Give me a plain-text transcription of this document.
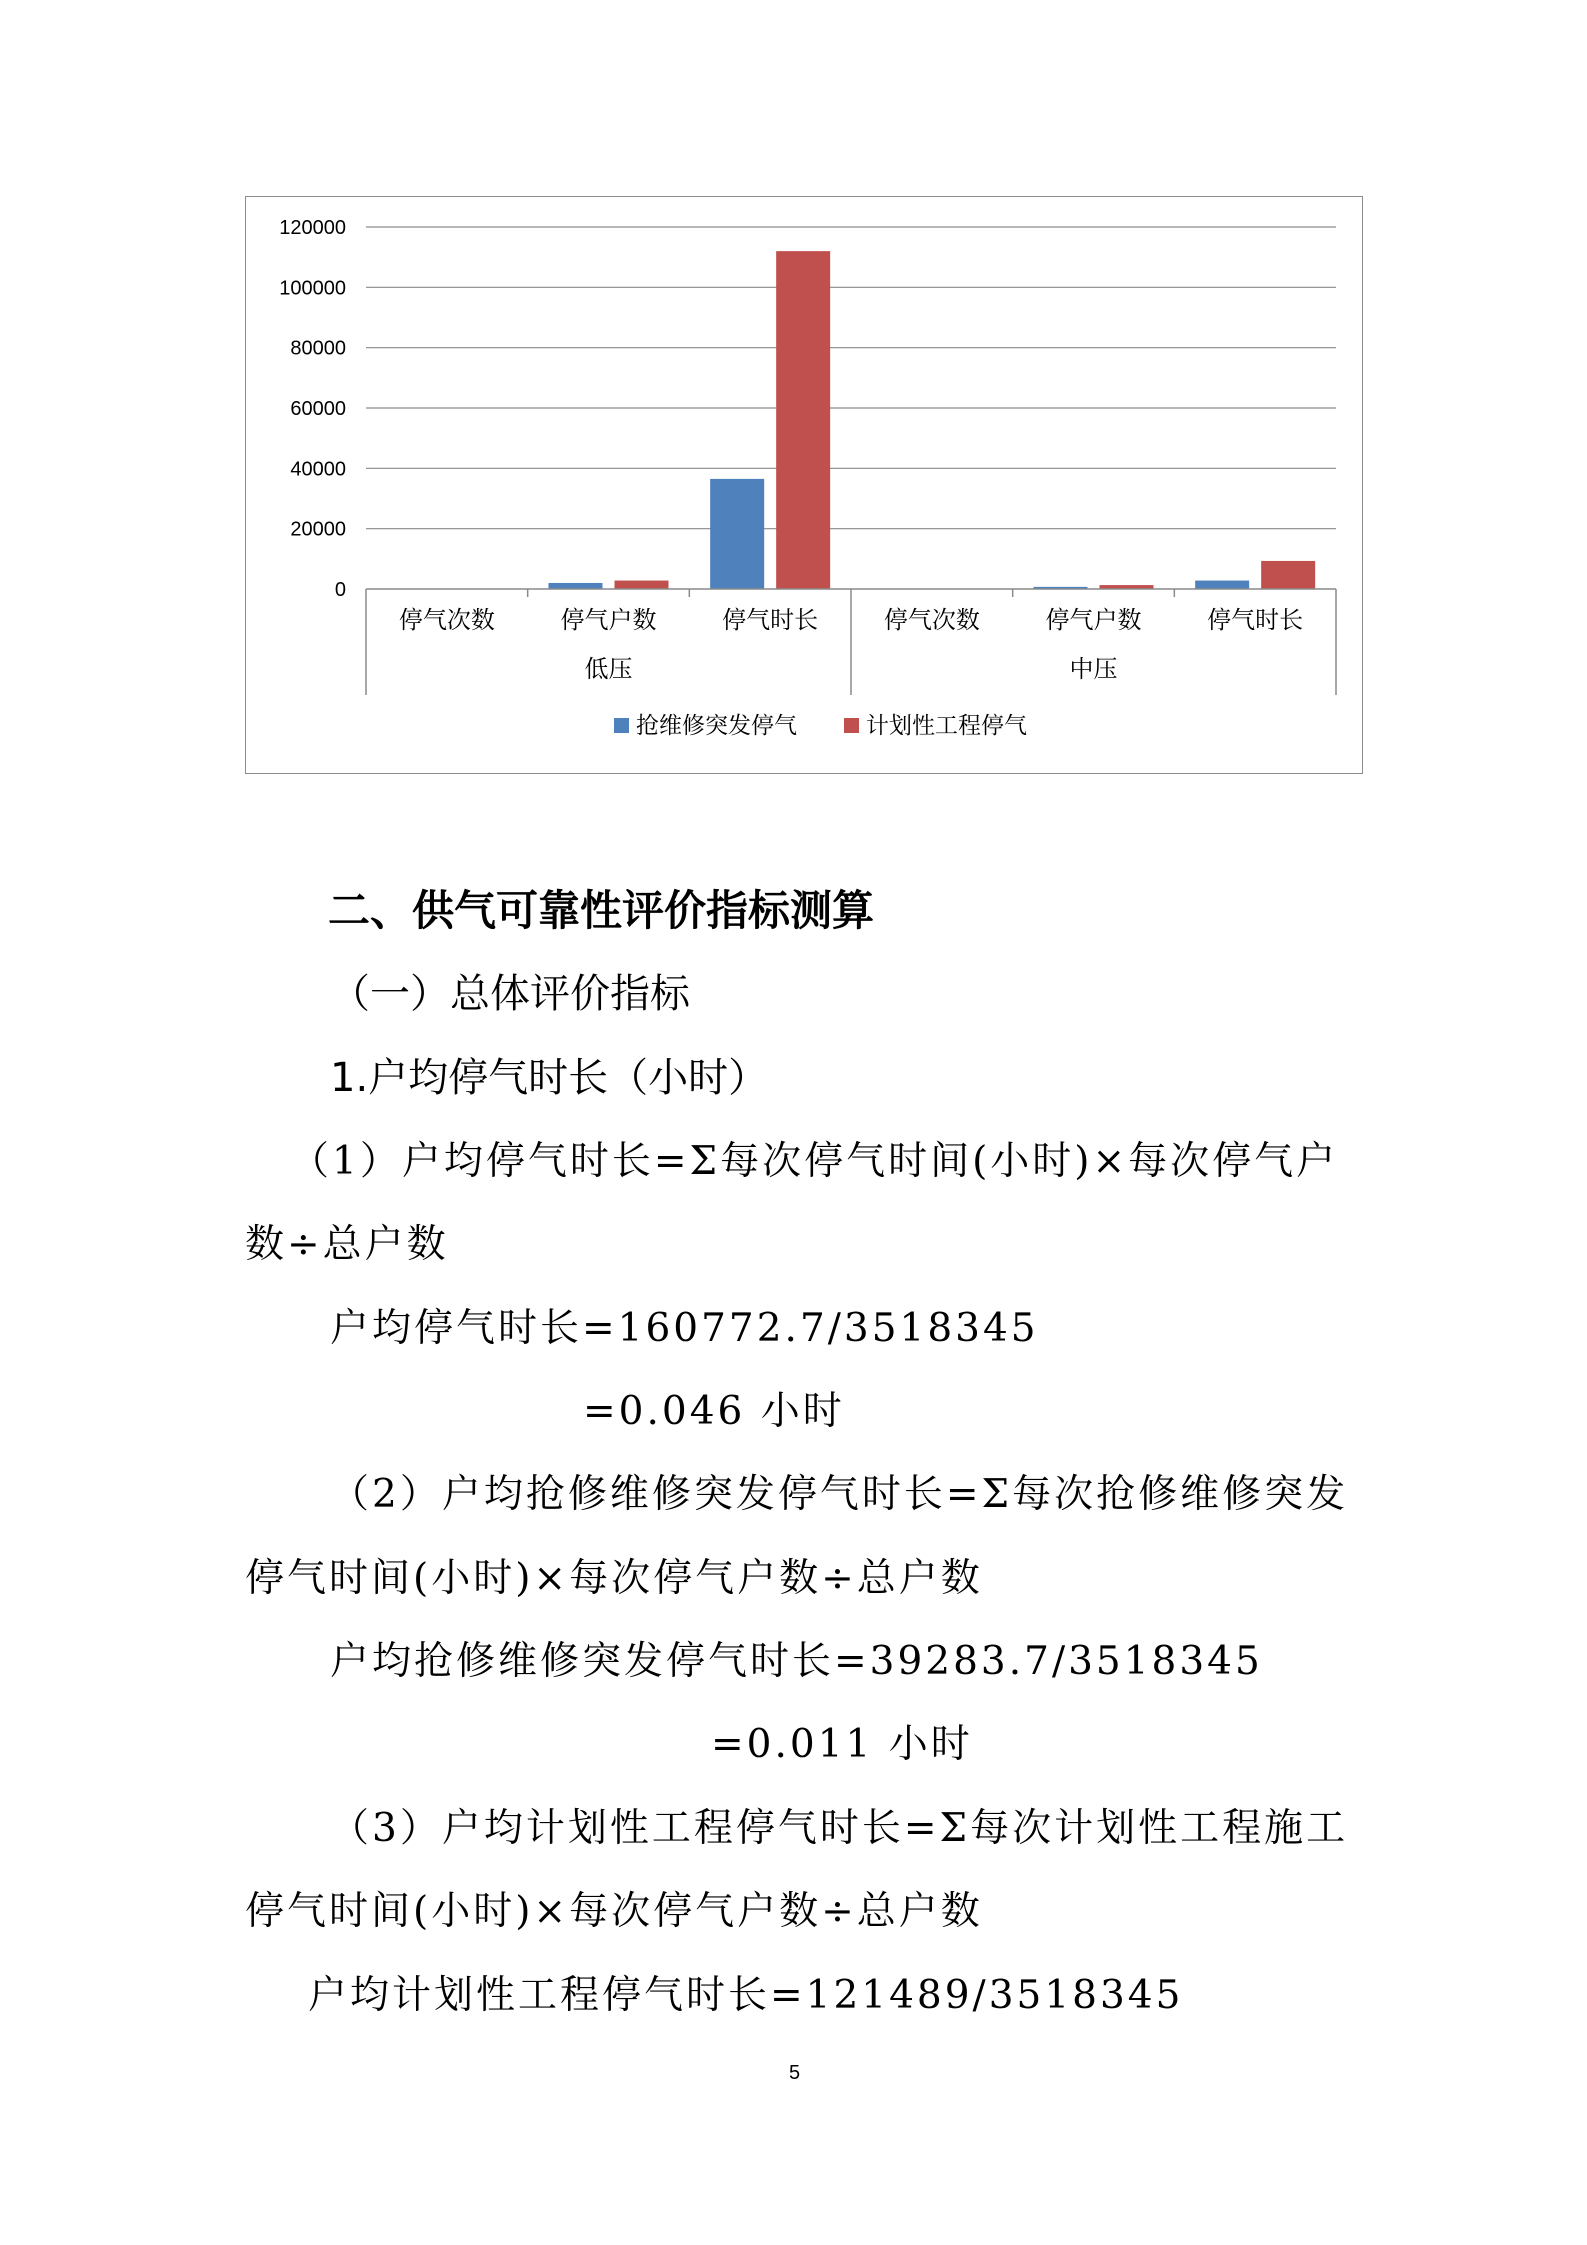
0
20000
40000
60000
80000
100000
120000
停气次数	停气户数	停气时长	停气次数	停气户数	停气时长
低压	中压
抢维修突发停气	计划性工程停气
二、供气可靠性评价指标测算
（一）总体评价指标
1.户均停气时长（小时）
（1）户均停气时长=Σ每次停气时间(小时)×每次停气户
数÷总户数
户均停气时长=160772.7/3518345
=0.046 小时
（2）户均抢修维修突发停气时长=Σ每次抢修维修突发
停气时间(小时)×每次停气户数÷总户数
户均抢修维修突发停气时长=39283.7/3518345
=0.011 小时
（3）户均计划性工程停气时长=Σ每次计划性工程施工
停气时间(小时)×每次停气户数÷总户数
户均计划性工程停气时长=121489/3518345
5
